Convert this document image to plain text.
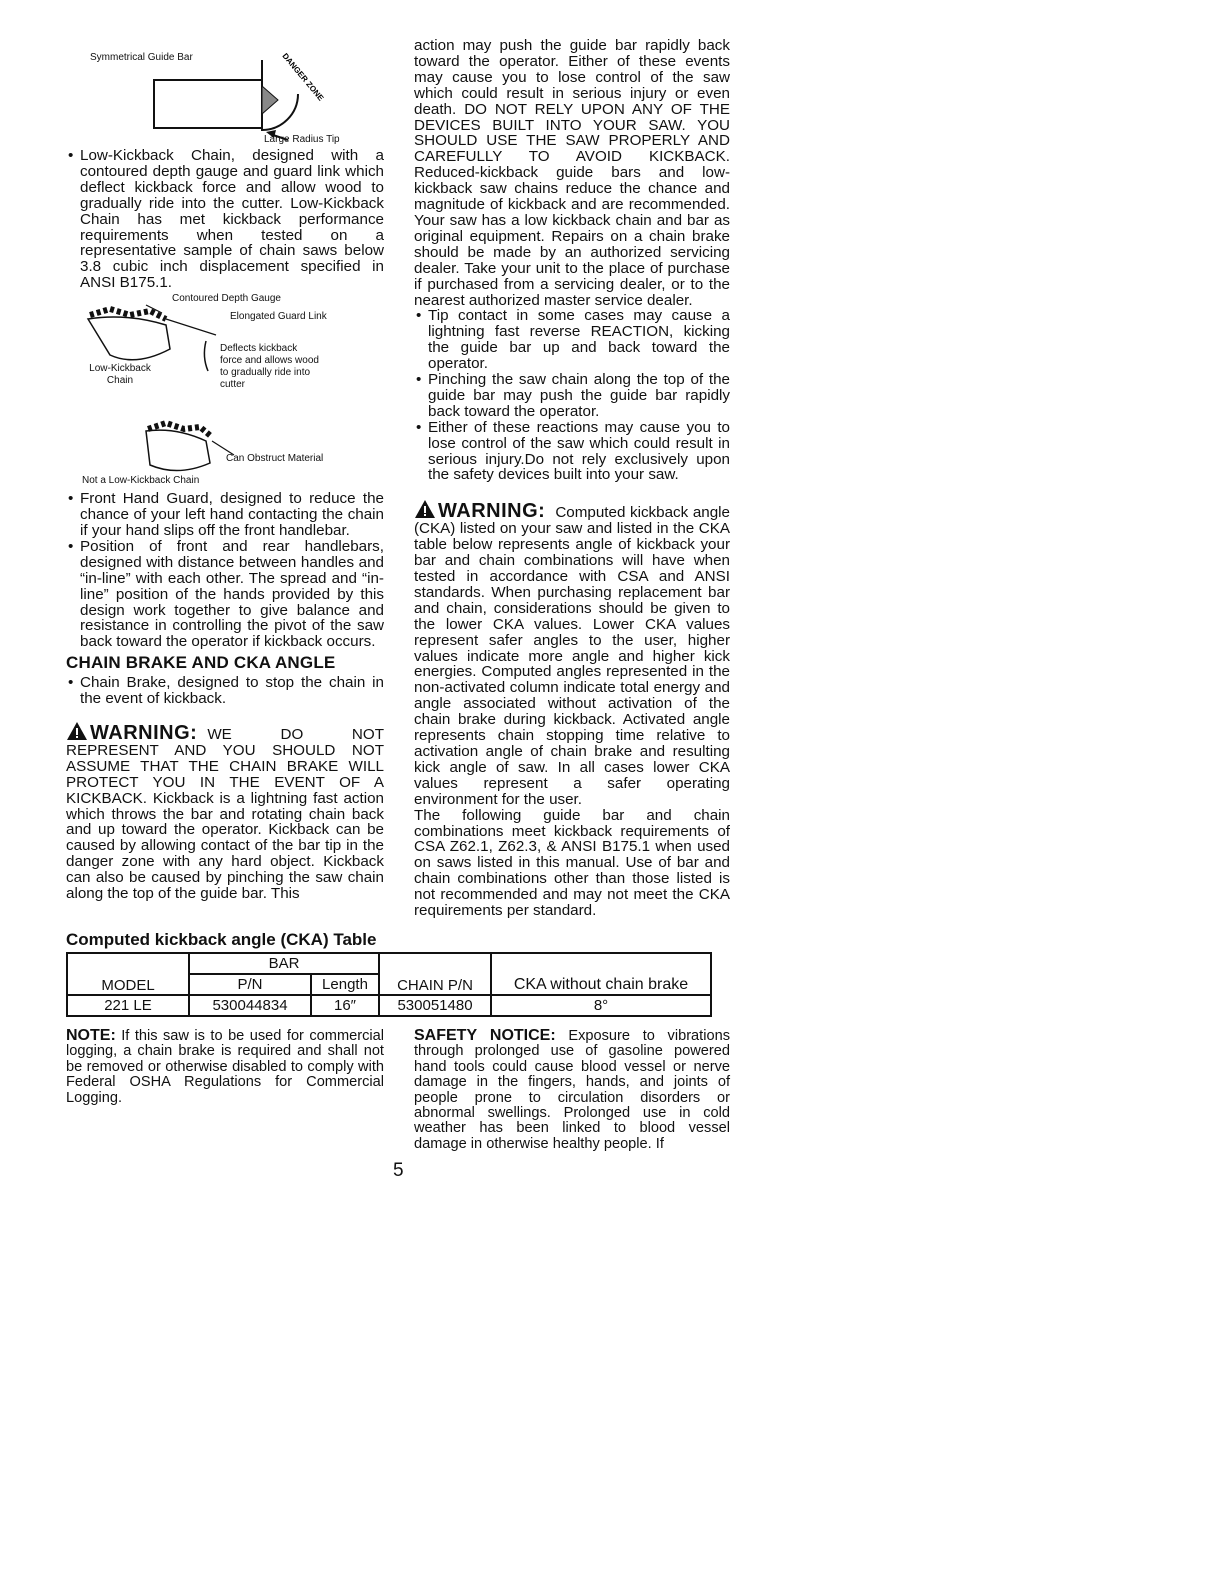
Symmetrical Guide Bar	DANGER ZONE
Large Radius Tip
• Low-Kickback Chain, designed with a contoured depth gauge and guard link which deflect kickback force and allow wood to gradually ride into the cutter. Low-Kickback Chain has met kickback performance requirements when tested on a representative sample of chain saws below 3.8 cubic inch displacement specified in ANSI B175.1.
Contoured Depth Gauge
Elongated Guard Link
Deflects kickback force and allows wood to gradually ride into cutter
Low-Kickback Chain
Can Obstruct Material
Not a Low-Kickback Chain
• Front Hand Guard, designed to reduce the chance of your left hand contacting the chain if your hand slips off the front handlebar.
• Position of front and rear handlebars, designed with distance between handles and “in-line” with each other. The spread and “in-line” position of the hands provided by this design work together to give balance and resistance in controlling the pivot of the saw back toward the operator if kickback occurs.
CHAIN BRAKE AND CKA ANGLE
• Chain Brake, designed to stop the chain in the event of kickback.

WARNING: WE DO NOT REPRESENT AND YOU SHOULD NOT ASSUME THAT THE CHAIN BRAKE WILL PROTECT YOU IN THE EVENT OF A KICKBACK. Kickback is a lightning fast action which throws the bar and rotating chain back and up toward the operator. Kickback can be caused by allowing contact of the bar tip in the danger zone with any hard object. Kickback can also be caused by pinching the saw chain along the top of the guide bar. This

action may push the guide bar rapidly back toward the operator. Either of these events may cause you to lose control of the saw which could result in serious injury or even death. DO NOT RELY UPON ANY OF THE DEVICES BUILT INTO YOUR SAW. YOU SHOULD USE THE SAW PROPERLY AND CAREFULLY TO AVOID KICKBACK. Reduced-kickback guide bars and low-kickback saw chains reduce the chance and magnitude of kickback and are recommended. Your saw has a low kickback chain and bar as original equipment. Repairs on a chain brake should be made by an authorized servicing dealer. Take your unit to the place of purchase if purchased from a servicing dealer, or to the nearest authorized master service dealer.

• Tip contact in some cases may cause a lightning fast reverse REACTION, kicking the guide bar up and back toward the operator.
• Pinching the saw chain along the top of the guide bar may push the guide bar rapidly back toward the operator.
• Either of these reactions may cause you to lose control of the saw which could result in serious injury.Do not rely exclusively upon the safety devices built into your saw.

WARNING: Computed kickback angle (CKA) listed on your saw and listed in the CKA table below represents angle of kickback your bar and chain combinations will have when tested in accordance with CSA and ANSI standards. When purchasing replacement bar and chain, considerations should be given to the lower CKA values. Lower CKA values represent safer angles to the user, higher values indicate more angle and higher kick energies. Computed angles represented in the non-activated column indicate total energy and angle associated without activation of the chain brake during kickback. Activated angle represents chain stopping time relative to activation angle of chain brake and resulting kick angle of saw. In all cases lower CKA values represent a safer operating environment for the user.

The following guide bar and chain combinations meet kickback requirements of CSA Z62.1, Z62.3, & ANSI B175.1 when used on saws listed in this manual. Use of bar and chain combinations other than those listed is not recommended and may not meet the CKA requirements per standard.

Computed kickback angle (CKA) Table
MODEL	BAR		CHAIN P/N	CKA without chain brake
	P/N	Length		
221 LE	530044834	16″	530051480	8°

NOTE: If this saw is to be used for commercial logging, a chain brake is required and shall not be removed or otherwise disabled to comply with Federal OSHA Regulations for Commercial Logging.

SAFETY NOTICE: Exposure to vibrations through prolonged use of gasoline powered hand tools could cause blood vessel or nerve damage in the fingers, hands, and joints of people prone to circulation disorders or abnormal swellings. Prolonged use in cold weather has been linked to blood vessel damage in otherwise healthy people. If

5
